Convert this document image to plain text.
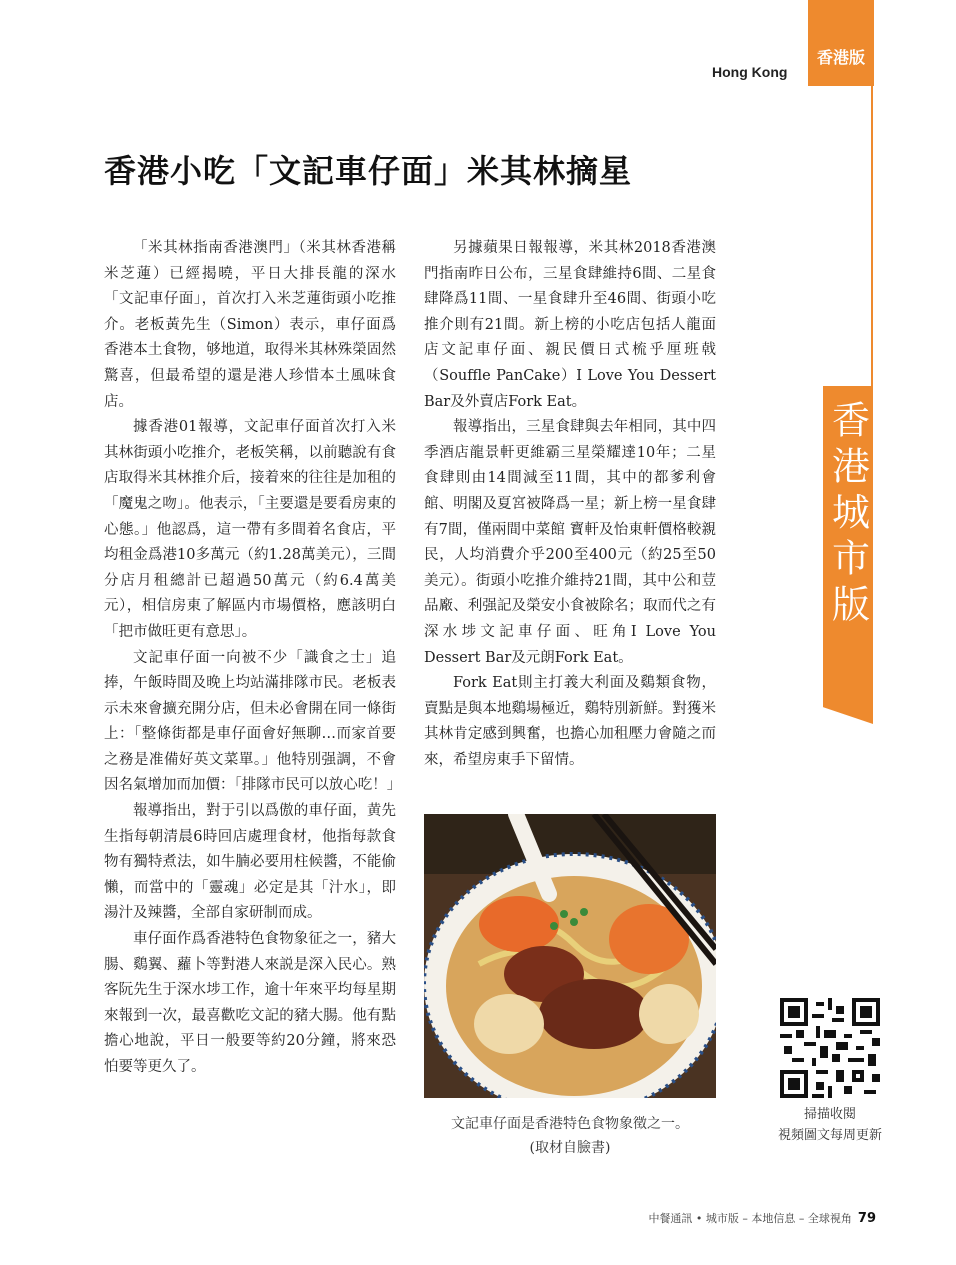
香港版
Hong Kong
香港城市版
香港小吃「文記車仔面」米其林摘星

「米其林指南香港澳門」（米其林香港稱米芝蓮）已經揭曉，平日大排長龍的深水　「文記車仔面」，首次打入米芝蓮街頭小吃推介。老板黃先生（Simon）表示，車仔面爲香港本土食物，够地道，取得米其林殊榮固然驚喜，但最希望的還是港人珍惜本土風味食店。

據香港01報導，文記車仔面首次打入米其林街頭小吃推介，老板笑稱，以前聽說有食店取得米其林推介后，接着來的往往是加租的「魔鬼之吻」。他表示，「主要還是要看房東的心態。」他認爲，這一帶有多間着名食店，平均租金爲港10多萬元（約1.28萬美元），三間分店月租總計已超過50萬元（約6.4萬美元），相信房東了解區内市場價格，應該明白「把市做旺更有意思」。

文記車仔面一向被不少「識食之士」追捧，午飯時間及晚上均站滿排隊市民。老板表示未來會擴充開分店，但未必會開在同一條街上：「整條街都是車仔面會好無聊…而家首要之務是准備好英文菜單。」他特別强調，不會因名氣增加而加價：「排隊市民可以放心吃！」

報導指出，對于引以爲傲的車仔面，黄先生指每朝清晨6時回店處理食材，他指每款食物有獨特煮法，如牛腩必要用柱候醬，不能偷懶，而當中的「靈魂」必定是其「汁水」，即湯汁及辣醬，全部自家研制而成。

車仔面作爲香港特色食物象征之一，豬大腸、鷄翼、蘿卜等對港人來説是深入民心。熟客阮先生于深水埗工作，逾十年來平均每星期來報到一次，最喜歡吃文記的豬大腸。他有點擔心地說，平日一般要等約20分鐘，將來恐怕要等更久了。

另據蘋果日報報導，米其林2018香港澳門指南昨日公布，三星食肆維持6間、二星食肆降爲11間、一星食肆升至46間、街頭小吃推介則有21間。新上榜的小吃店包括人龍面店文記車仔面、親民價日式梳乎厘班戟（Souffle PanCake）I Love You Dessert Bar及外賣店Fork Eat。

報導指出，三星食肆與去年相同，其中四季酒店龍景軒更維霸三星榮耀達10年；二星食肆則由14間減至11間，其中的都爹利會館、明閣及夏宮被降爲一星；新上榜一星食肆有7間，僅兩間中菜館 寳軒及怡東軒價格較親民，人均消費介乎200至400元（約25至50美元）。街頭小吃推介維持21間，其中公和荳品廠、利强記及榮安小食被除名；取而代之有深水埗文記車仔面、旺角I Love You Dessert Bar及元朗Fork Eat。

Fork Eat則主打義大利面及鷄類食物，賣點是與本地鷄場極近，鷄特別新鮮。對獲米其林肯定感到興奮，也擔心加租壓力會隨之而來，希望房東手下留情。

文記車仔面是香港特色食物象徵之一。
(取材自臉書)
掃描收閱
視頻圖文每周更新
中餐通訊 • 城市版 – 本地信息 – 全球視角 79
